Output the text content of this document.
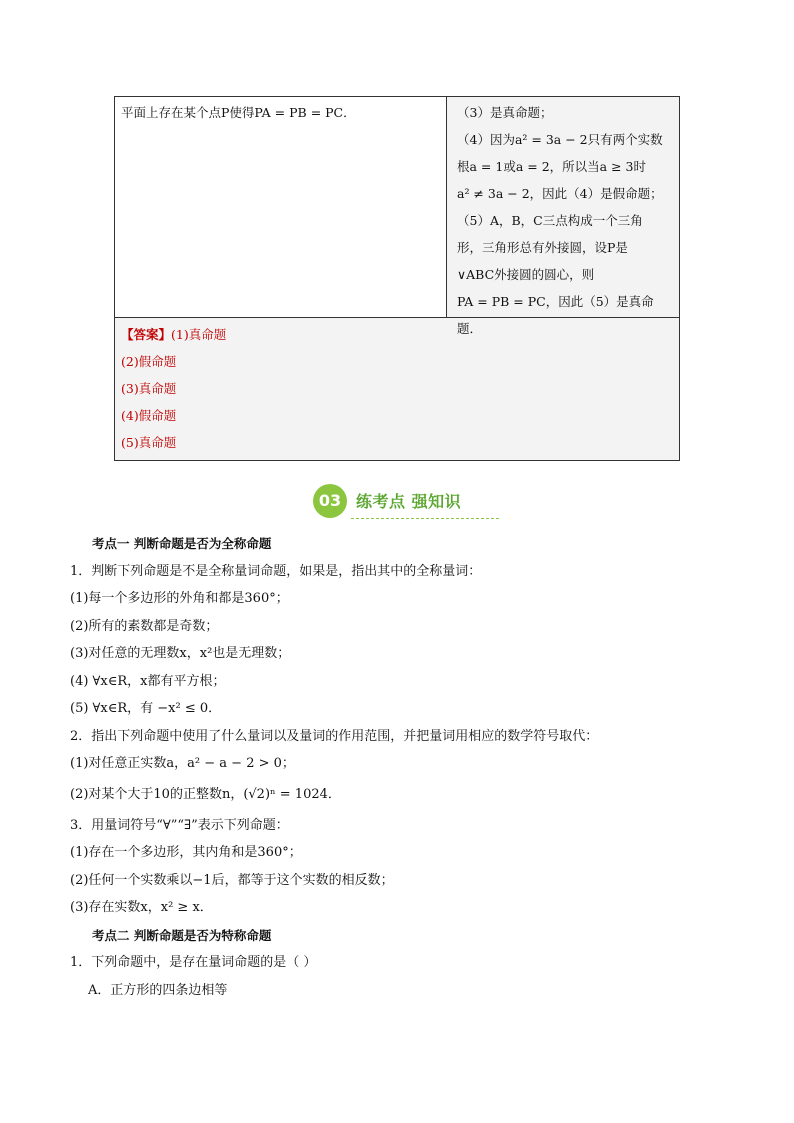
平面上存在某个点P使得PA = PB = PC．	（3）是真命题；
（4）因为a² = 3a − 2只有两个实数
根a = 1或a = 2，所以当a ≥ 3时
a² ≠ 3a − 2，因此（4）是假命题；
（5）A，B，C三点构成一个三角
形，三角形总有外接圆，设P是
∨ABC外接圆的圆心，则
PA = PB = PC，因此（5）是真命题．
【答案】(1)真命题
(2)假命题
(3)真命题
(4)假命题
(5)真命题
03 练考点 强知识
考点一 判断命题是否为全称命题
1．判断下列命题是不是全称量词命题，如果是，指出其中的全称量词：
(1)每一个多边形的外角和都是360°；
(2)所有的素数都是奇数；
(3)对任意的无理数x，x²也是无理数；
(4) ∀x∈R，x都有平方根；
(5) ∀x∈R，有 −x² ≤ 0．
2．指出下列命题中使用了什么量词以及量词的作用范围，并把量词用相应的数学符号取代：
(1)对任意正实数a，a² − a − 2 > 0；
(2)对某个大于10的正整数n，(√2)ⁿ = 1024．
3．用量词符号“∀”“∃”表示下列命题：
(1)存在一个多边形，其内角和是360°；
(2)任何一个实数乘以−1后，都等于这个实数的相反数；
(3)存在实数x，x² ≥ x．
考点二 判断命题是否为特称命题
1．下列命题中，是存在量词命题的是（ ）
A．正方形的四条边相等
